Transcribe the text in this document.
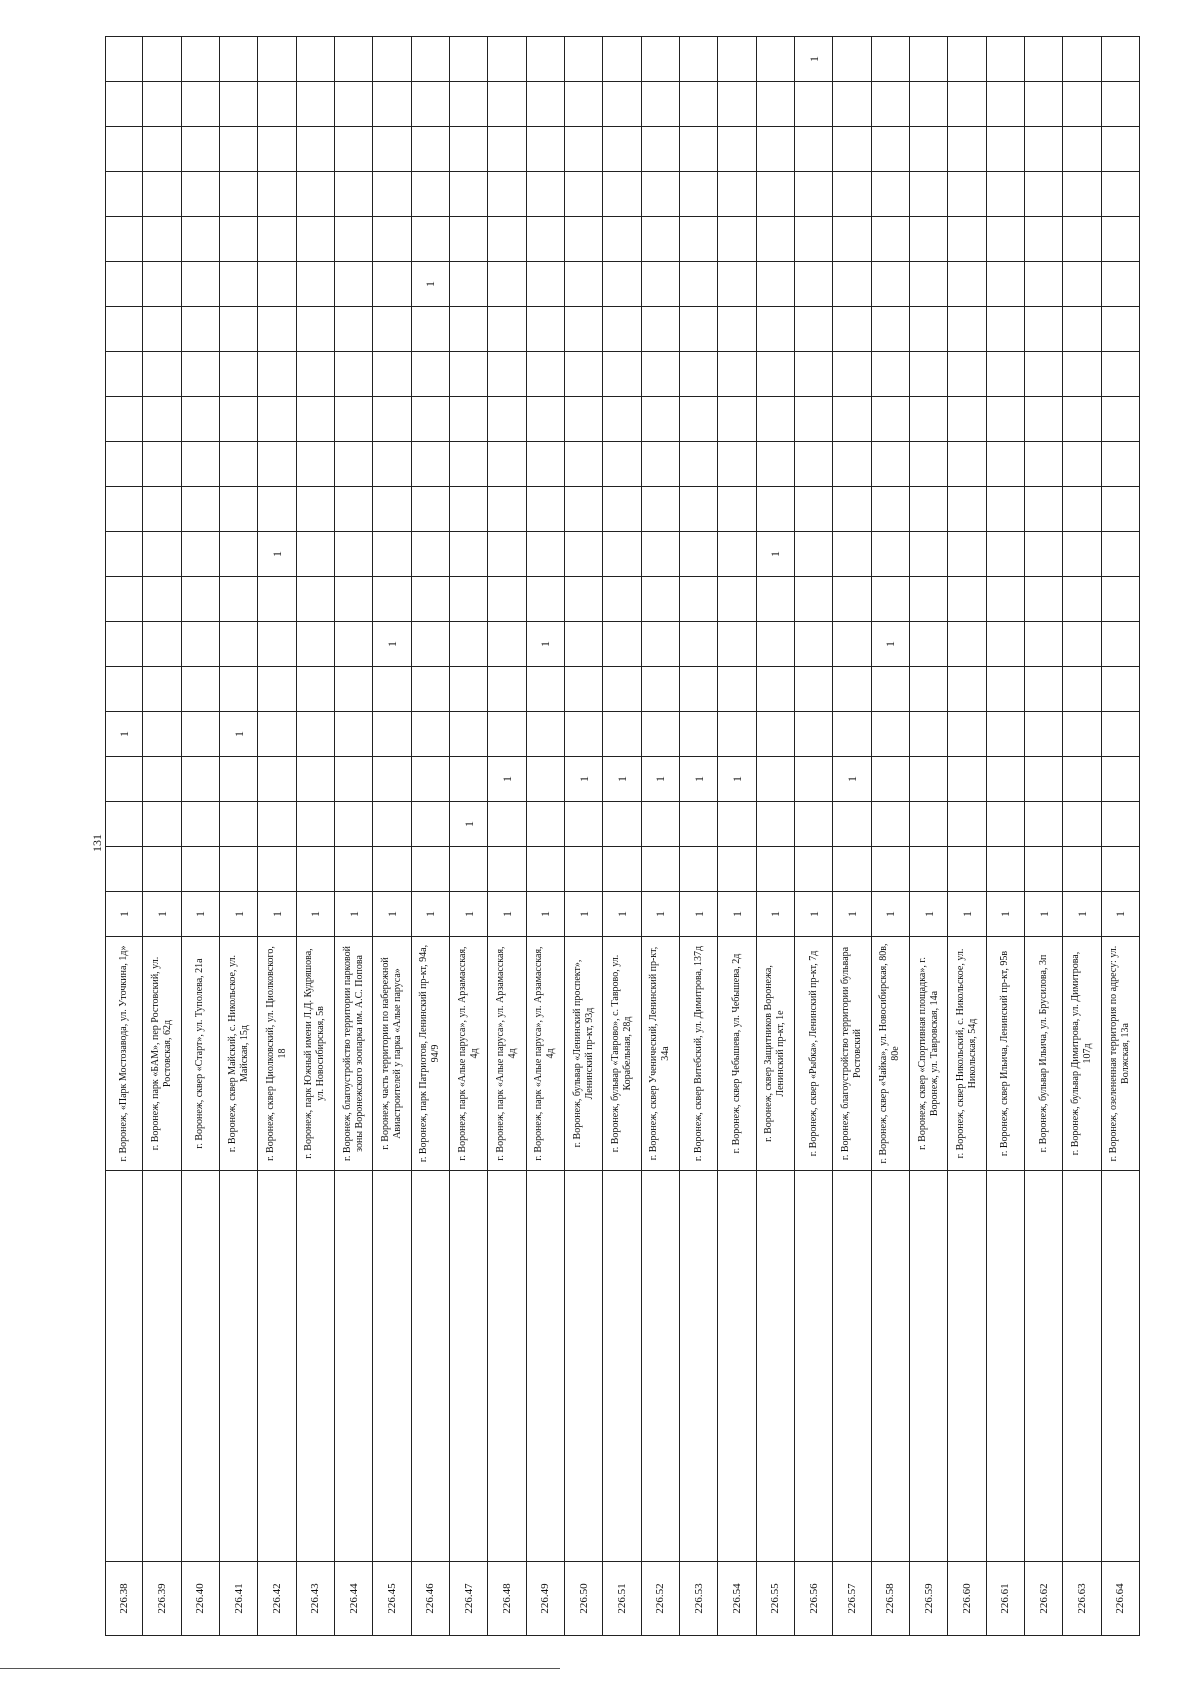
131
226.38
г. Воронеж, «Парк Мостозавода, ул. Уточкина, 1д»
1
1
226.39
г. Воронеж, парк «БАМ», пер Ростовский, ул. Ростовская, 62д
1
226.40
г. Воронеж, сквер «Старт», ул. Туполева, 21а
1
226.41
г. Воронеж, сквер Майский, с. Никольское, ул. Майская, 15д
1
1
226.42
г. Воронеж, сквер Циолковский, ул. Циолковского, 18
1
1
226.43
г. Воронеж, парк Южный имени Л.Д. Кудряшова, ул. Новосибирская, 5в
1
226.44
г. Воронеж, благоустройство территории парковой зоны Воронежского зоопарка им. А.С. Попова
1
226.45
г. Воронеж, часть территории по набережной Авиастроителей у парка «Алые паруса»
1
1
226.46
г. Воронеж, парк Патриотов, Ленинский пр-кт, 94а, 94/9
1
1
226.47
г. Воронеж, парк «Алые паруса», ул. Арзамасская, 4д
1
1
226.48
г. Воронеж, парк «Алые паруса», ул. Арзамасская, 4д
1
1
226.49
г. Воронеж, парк «Алые паруса», ул. Арзамасская, 4д
1
1
226.50
г. Воронеж, бульвар «Ленинский проспект», Ленинский пр-кт, 93д
1
1
226.51
г. Воронеж, бульвар «Таврово», с. Таврово, ул. Корабельная, 28д
1
1
226.52
г. Воронеж, сквер Ученический, Ленинский пр-кт, 34а
1
1
226.53
г. Воронеж, сквер Витебский, ул. Димитрова, 137д
1
1
226.54
г. Воронеж, сквер Чебышева, ул. Чебышева, 2д
1
1
226.55
г. Воронеж, сквер Защитников Воронежа, Ленинский пр-кт, 1е
1
1
226.56
г. Воронеж, сквер «Рыбка», Ленинский пр-кт, 7д
1
1
226.57
г. Воронеж, благоустройство территории бульвара Ростовский
1
1
226.58
г. Воронеж, сквер «Чайка», ул. Новосибирская, 80в, 80е
1
1
226.59
г. Воронеж, сквер «Спортивная площадка», г. Воронеж, ул. Тавровская, 14а
1
226.60
г. Воронеж, сквер Никольский, с. Никольское, ул. Никольская, 54д
1
226.61
г. Воронеж, сквер Ильича, Ленинский пр-кт, 95в
1
226.62
г. Воронеж, бульвар Ильича, ул. Брусилова, 3п
1
226.63
г. Воронеж, бульвар Димитрова, ул. Димитрова, 107д
1
226.64
г. Воронеж, озелененная территория по адресу: ул. Волжская, 13а
1
